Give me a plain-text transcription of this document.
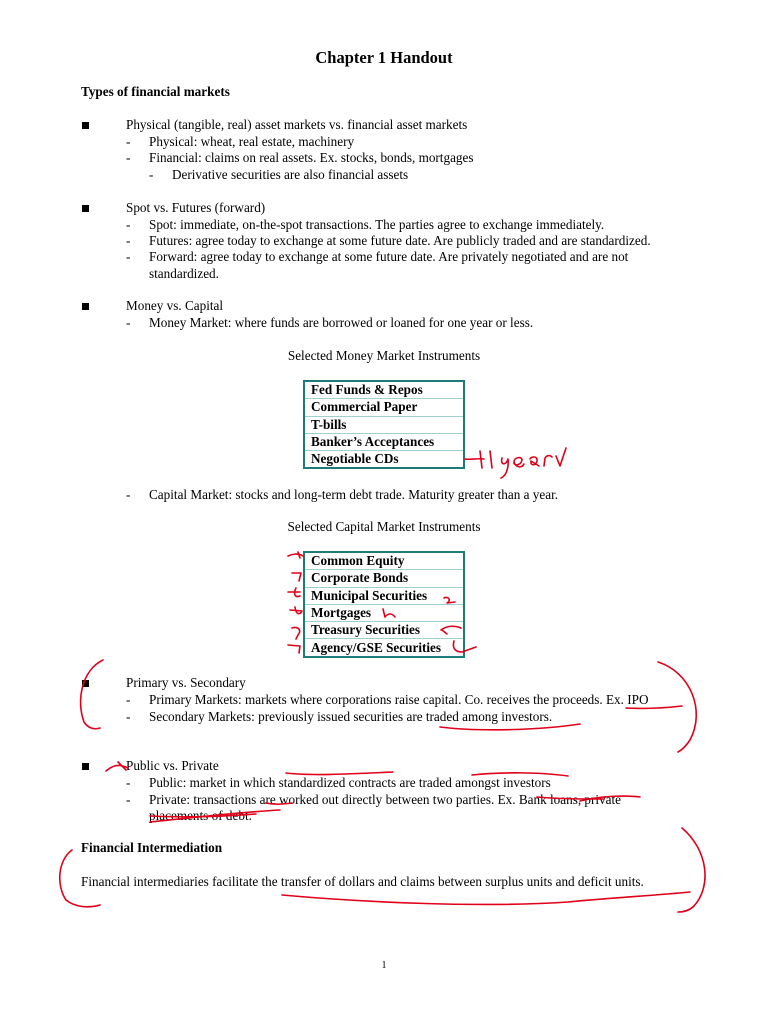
Chapter 1 Handout
Types of financial markets
Physical (tangible, real) asset markets vs. financial asset markets
- Physical: wheat, real estate, machinery
- Financial: claims on real assets. Ex. stocks, bonds, mortgages
- Derivative securities are also financial assets
Spot vs. Futures (forward)
- Spot: immediate, on-the-spot transactions. The parties agree to exchange immediately.
- Futures: agree today to exchange at some future date. Are publicly traded and are standardized.
- Forward: agree today to exchange at some future date. Are privately negotiated and are not
standardized.
Money vs. Capital
- Money Market: where funds are borrowed or loaned for one year or less.
Selected Money Market Instruments
Fed Funds & Repos
Commercial Paper
T-bills
Banker’s Acceptances
Negotiable CDs
- Capital Market: stocks and long-term debt trade. Maturity greater than a year.
Selected Capital Market Instruments
Common Equity
Corporate Bonds
Municipal Securities
Mortgages
Treasury Securities
Agency/GSE Securities
Primary vs. Secondary
- Primary Markets: markets where corporations raise capital. Co. receives the proceeds. Ex. IPO
- Secondary Markets: previously issued securities are traded among investors.
Public vs. Private
- Public: market in which standardized contracts are traded amongst investors
- Private: transactions are worked out directly between two parties. Ex. Bank loans, private
placements of debt.
Financial Intermediation
Financial intermediaries facilitate the transfer of dollars and claims between surplus units and deficit units.
1
